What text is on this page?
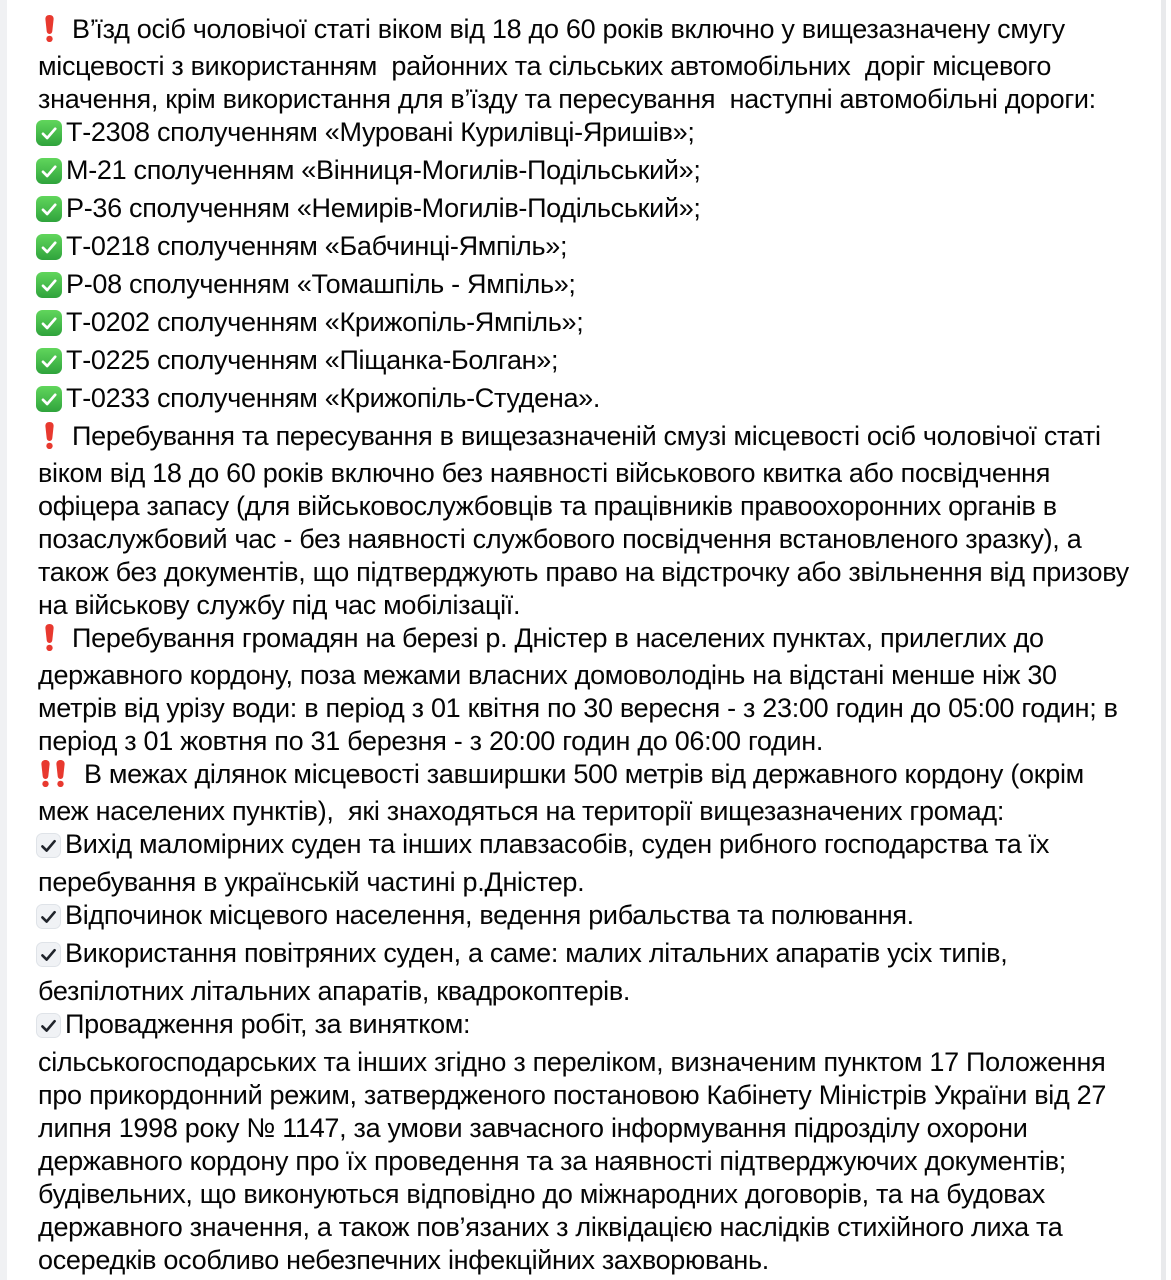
В’їзд осіб чоловічої статі віком від 18 до 60 років включно у вищезазначену смугу місцевості з використанням  районних та сільських автомобільних  доріг місцевого значення, крім використання для в’їзду та пересування  наступні автомобільні дороги:

Т-2308 сполученням «Муровані Курилівці-Яришів»;

М-21 сполученням «Вінниця-Могилів-Подільський»;

Р-36 сполученням «Немирів-Могилів-Подільський»;

Т-0218 сполученням «Бабчинці-Ямпіль»;

Р-08 сполученням «Томашпіль - Ямпіль»;

Т-0202 сполученням «Крижопіль-Ямпіль»;

Т-0225 сполученням «Піщанка-Болган»;

Т-0233 сполученням «Крижопіль-Студена».

Перебування та пересування в вищезазначеній смузі місцевості осіб чоловічої статі віком від 18 до 60 років включно без наявності військового квитка або посвідчення офіцера запасу (для військовослужбовців та працівників правоохоронних органів в позаслужбовий час - без наявності службового посвідчення встановленого зразку), а також без документів, що підтверджують право на відстрочку або звільнення від призову на військову службу під час мобілізації.

Перебування громадян на березі р. Дністер в населених пунктах, прилеглих до державного кордону, поза межами власних домоволодінь на відстані менше ніж 30 метрів від урізу води: в період з 01 квітня по 30 вересня - з 23:00 годин до 05:00 годин; в період з 01 жовтня по 31 березня - з 20:00 годин до 06:00 годин.

В межах ділянок місцевості завширшки 500 метрів від державного кордону (окрім меж населених пунктів),  які знаходяться на території вищезазначених громад:

Вихід маломірних суден та інших плавзасобів, суден рибного господарства та їх перебування в українській частині р.Дністер.

Відпочинок місцевого населення, ведення рибальства та полювання.

Використання повітряних суден, а саме: малих літальних апаратів усіх типів, безпілотних літальних апаратів, квадрокоптерів.

Провадження робіт, за винятком:

сільськогосподарських та інших згідно з переліком, визначеним пунктом 17 Положення про прикордонний режим, затвердженого постановою Кабінету Міністрів України від 27 липня 1998 року № 1147, за умови завчасного інформування підрозділу охорони державного кордону про їх проведення та за наявності підтверджуючих документів; будівельних, що виконуються відповідно до міжнародних договорів, та на будовах державного значення, а також пов’язаних з ліквідацією наслідків стихійного лиха та осередків особливо небезпечних інфекційних захворювань.
